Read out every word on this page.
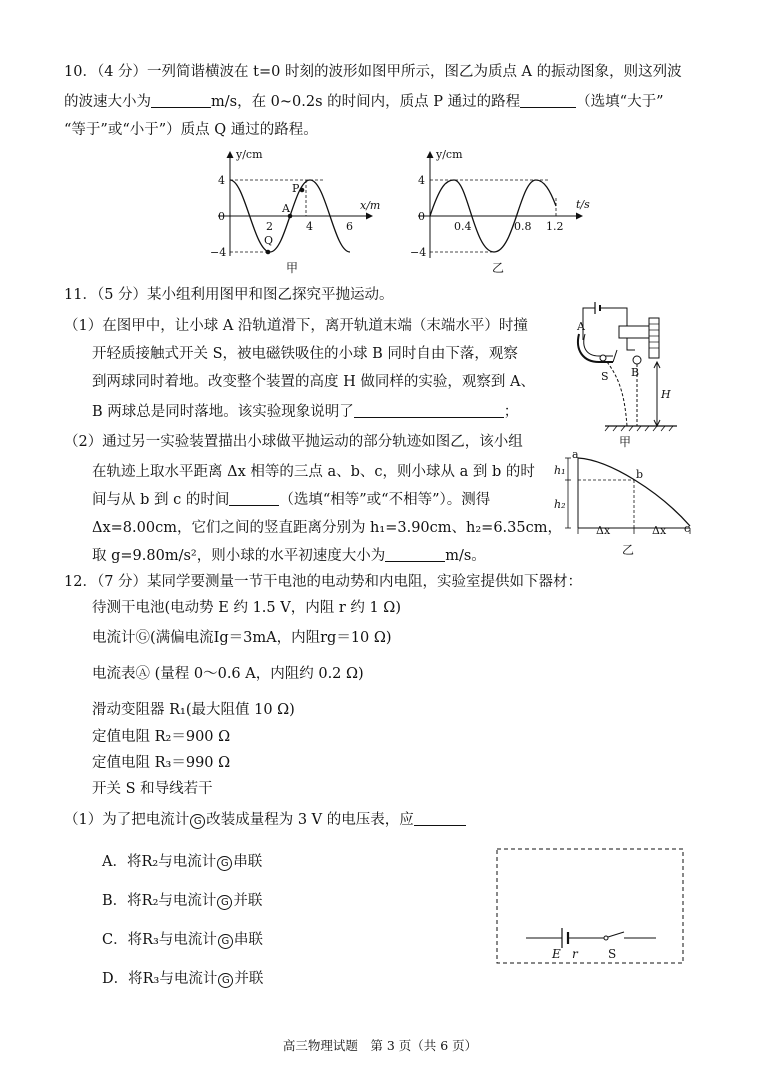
10．（4 分）一列简谐横波在 t=0 时刻的波形如图甲所示，图乙为质点 A 的振动图象，则这列波
的波速大小为	m/s，在 0~0.2s 的时间内，质点 P 通过的路程	（选填“大于”
“等于”或“小于”）质点 Q 通过的路程。
y/cm
x/m
4
0
−4
2	4	6
P
A
Q
甲
y/cm
t/s
4
0
−4
0.4	0.8 1.2
乙
11．（5 分）某小组利用图甲和图乙探究平抛运动。
（1）在图甲中，让小球 A 沿轨道滑下，离开轨道末端（末端水平）时撞
开轻质接触式开关 S，被电磁铁吸住的小球 B 同时自由下落，观察
到两球同时着地。改变整个装置的高度 H 做同样的实验，观察到 A、
B 两球总是同时落地。该实验现象说明了	；
（2）通过另一实验装置描出小球做平抛运动的部分轨迹如图乙，该小组
在轨迹上取水平距离 Δx 相等的三点 a、b、c，则小球从 a 到 b 的时
间与从 b 到 c 的时间	（选填“相等”或“不相等”）。测得
Δx=8.00cm，它们之间的竖直距离分别为 h₁=3.90cm、h₂=6.35cm，
取 g=9.80m/s²，则小球的水平初速度大小为	m/s。
A
S B
H
甲
a
b
c
h₁
h₂
Δx	Δx
乙
12．（7 分）某同学要测量一节干电池的电动势和内电阻，实验室提供如下器材：
待测干电池(电动势 E 约 1.5 V，内阻 r 约 1 Ω)
电流计Ⓖ(满偏电流Ig＝3mA，内阻rg＝10 Ω)
电流表Ⓐ (量程 0～0.6 A，内阻约 0.2 Ω)
滑动变阻器 R₁(最大阻值 10 Ω)
定值电阻 R₂＝900 Ω
定值电阻 R₃＝990 Ω
开关 S 和导线若干
（1）为了把电流计 G 改装成量程为 3 V 的电压表，应
A．将R₂与电流计 G 串联
B．将R₂与电流计 G 并联
C．将R₃与电流计 G 串联
D．将R₃与电流计 G 并联
E r	S
高三物理试题　第 3 页（共 6 页）
